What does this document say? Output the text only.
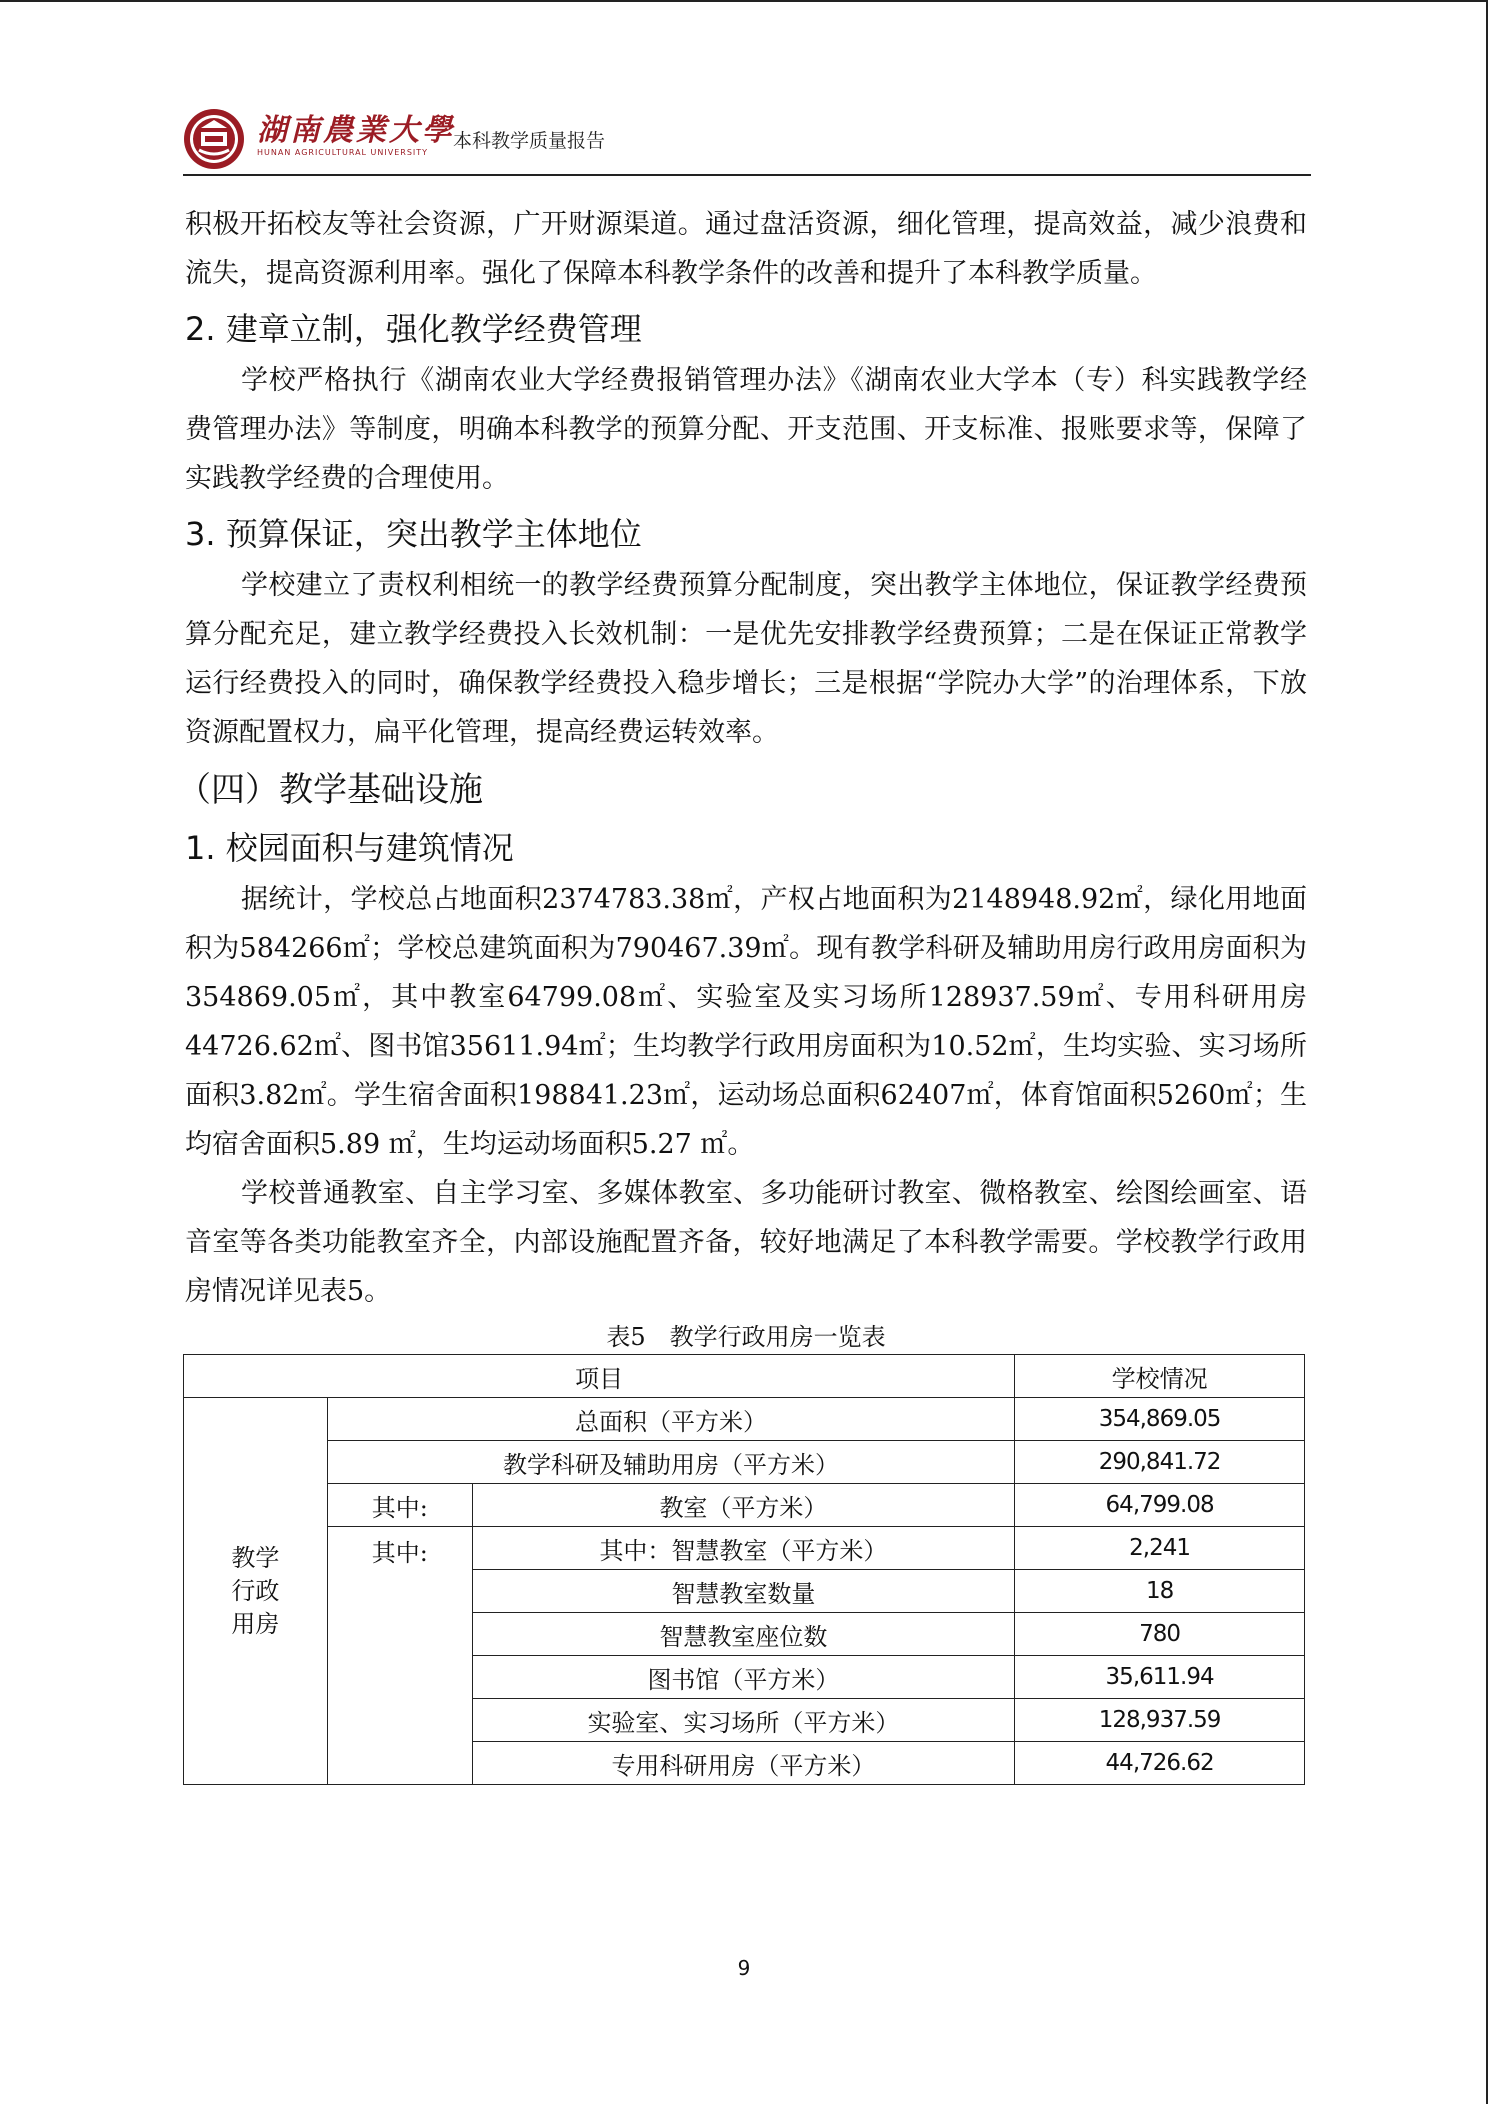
湖南農業大學
HUNAN AGRICULTURAL UNIVERSITY
本科教学质量报告

积极开拓校友等社会资源，广开财源渠道。通过盘活资源，细化管理，提高效益，减少浪费和流失，提高资源利用率。强化了保障本科教学条件的改善和提升了本科教学质量。

2. 建章立制，强化教学经费管理

学校严格执行《湖南农业大学经费报销管理办法》《湖南农业大学本（专）科实践教学经费管理办法》等制度，明确本科教学的预算分配、开支范围、开支标准、报账要求等，保障了实践教学经费的合理使用。

3. 预算保证，突出教学主体地位

学校建立了责权利相统一的教学经费预算分配制度，突出教学主体地位，保证教学经费预算分配充足，建立教学经费投入长效机制：一是优先安排教学经费预算；二是在保证正常教学运行经费投入的同时，确保教学经费投入稳步增长；三是根据“学院办大学”的治理体系，下放资源配置权力，扁平化管理，提高经费运转效率。

（四）教学基础设施
1. 校园面积与建筑情况

据统计，学校总占地面积2374783.38㎡，产权占地面积为2148948.92㎡，绿化用地面积为584266㎡；学校总建筑面积为790467.39㎡。现有教学科研及辅助用房行政用房面积为354869.05㎡，其中教室64799.08㎡、实验室及实习场所128937.59㎡、专用科研用房44726.62㎡、图书馆35611.94㎡；生均教学行政用房面积为10.52㎡，生均实验、实习场所面积3.82㎡。学生宿舍面积198841.23㎡，运动场总面积62407㎡，体育馆面积5260㎡；生均宿舍面积5.89 ㎡，生均运动场面积5.27 ㎡。

学校普通教室、自主学习室、多媒体教室、多功能研讨教室、微格教室、绘图绘画室、语音室等各类功能教室齐全，内部设施配置齐备，较好地满足了本科教学需要。学校教学行政用房情况详见表5。

表5　教学行政用房一览表
项目			学校情况
教学
行政
用房	总面积（平方米）		354,869.05
	教学科研及辅助用房（平方米）		290,841.72
	其中:	教室（平方米）	64,799.08
	其中:	其中：智慧教室（平方米）	2,241
		智慧教室数量	18
		智慧教室座位数	780
		图书馆（平方米）	35,611.94
		实验室、实习场所（平方米）	128,937.59
		专用科研用房（平方米）	44,726.62
9
